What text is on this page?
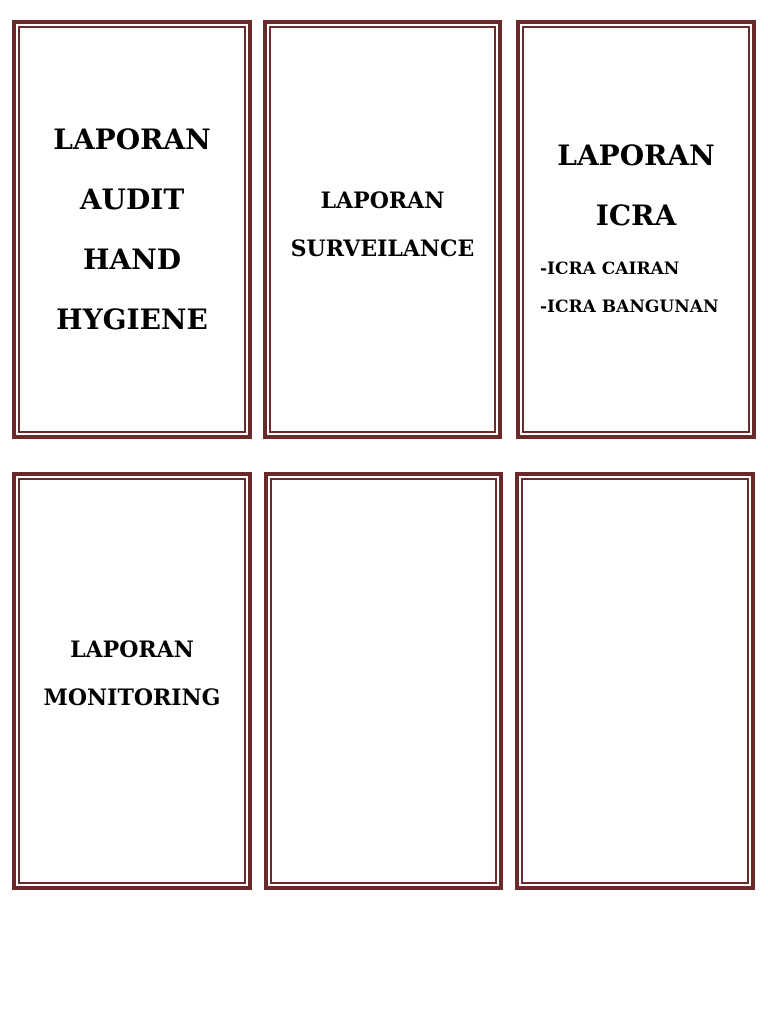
LAPORAN
AUDIT
HAND
HYGIENE
LAPORAN
SURVEILANCE
LAPORAN
ICRA
-ICRA CAIRAN
-ICRA BANGUNAN
LAPORAN
MONITORING
